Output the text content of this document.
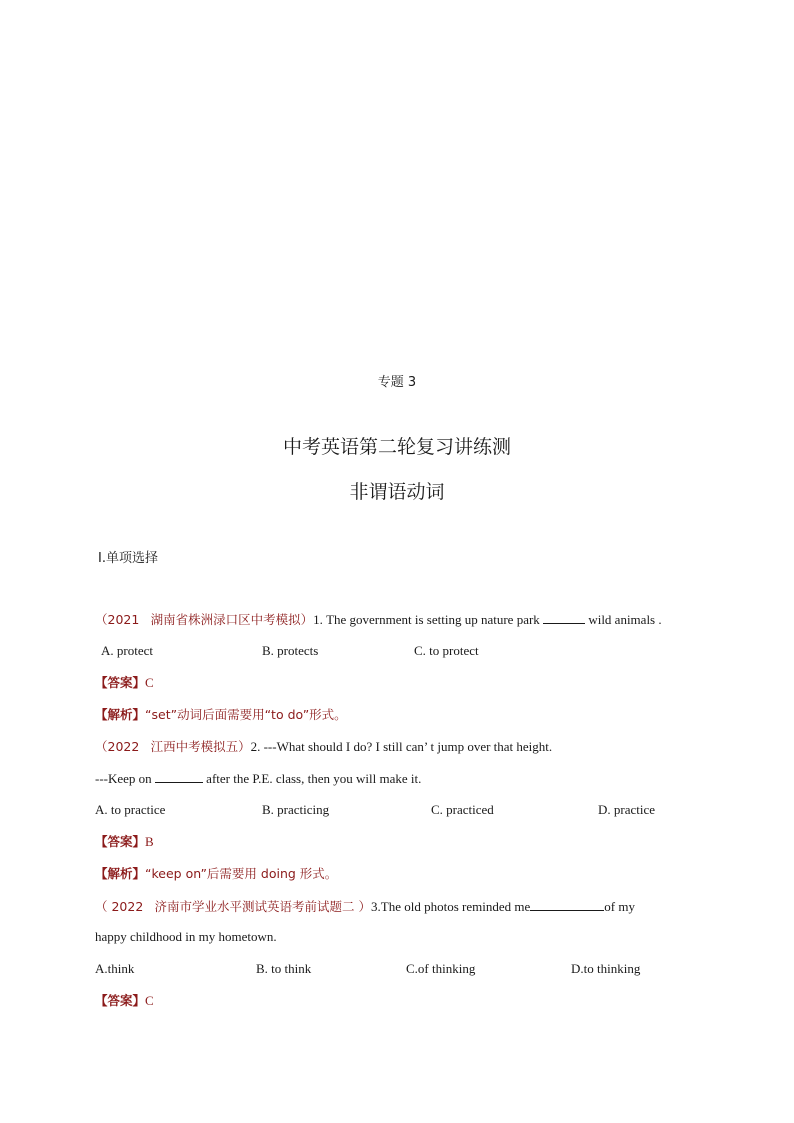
专题 3
中考英语第二轮复习讲练测
非谓语动词
Ⅰ.单项选择
（2021 湖南省株洲渌口区中考模拟）1. The government is setting up nature park	wild animals .
A. protect	B. protects	C. to protect
【答案】C
【解析】“set”动词后面需要用“to do”形式。
（2022 江西中考模拟五）2. ---What should I do? I still can’ t jump over that height.
---Keep on	after the P.E. class, then you will make it.
A. to practice	B. practicing	C. practiced	D. practice
【答案】B
【解析】“keep on”后需要用 doing 形式。
（ 2022 济南市学业水平测试英语考前试题二 ）3.The old photos reminded me	of my
happy childhood in my hometown.
A.think	B. to think	C.of thinking	D.to thinking
【答案】C
